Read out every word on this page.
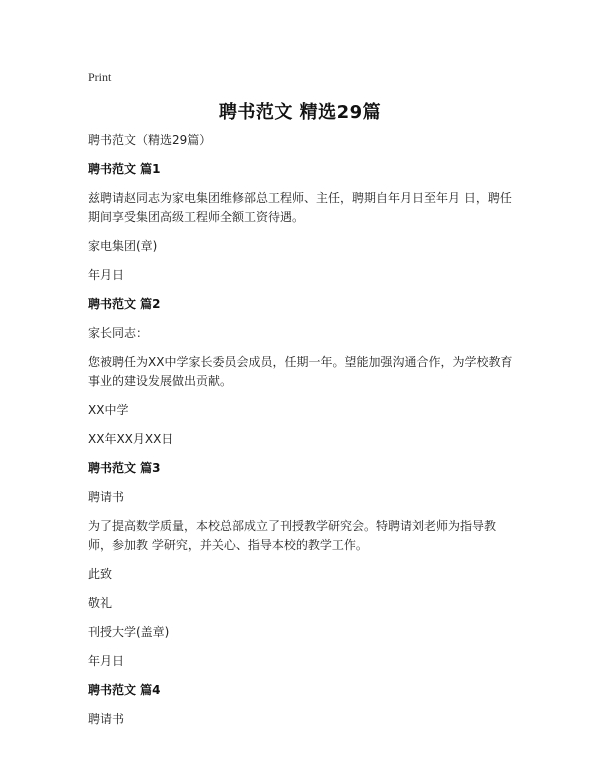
Print
聘书范文 精选29篇

聘书范文（精选29篇）

聘书范文 篇1

兹聘请赵同志为家电集团维修部总工程师、主任，聘期自年月日至年月 日，聘任期间享受集团高级工程师全额工资待遇。

家电集团(章)

年月日

聘书范文 篇2

家长同志：

您被聘任为XX中学家长委员会成员，任期一年。望能加强沟通合作，为学校教育事业的建设发展做出贡献。

XX中学

XX年XX月XX日

聘书范文 篇3

聘请书

为了提高数学质量，本校总部成立了刊授教学研究会。特聘请刘老师为指导教师，参加教 学研究，并关心、指导本校的教学工作。

此致

敬礼

刊授大学(盖章)

年月日

聘书范文 篇4

聘请书
